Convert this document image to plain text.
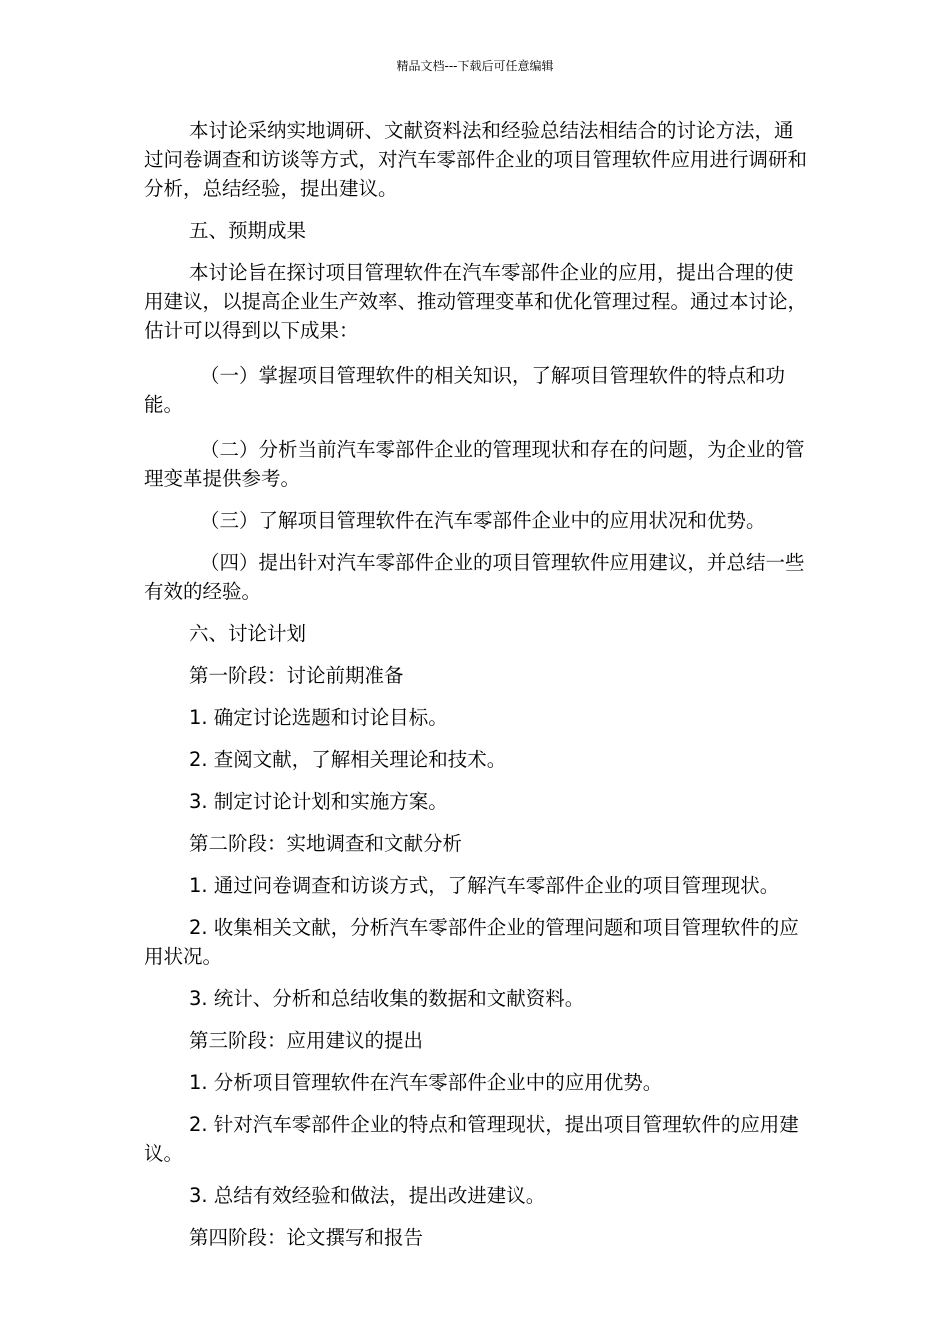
精品文档---下载后可任意编辑

本讨论采纳实地调研、文献资料法和经验总结法相结合的讨论方法，通过问卷调查和访谈等方式，对汽车零部件企业的项目管理软件应用进行调研和分析，总结经验，提出建议。

五、预期成果

本讨论旨在探讨项目管理软件在汽车零部件企业的应用，提出合理的使用建议，以提高企业生产效率、推动管理变革和优化管理过程。通过本讨论，估计可以得到以下成果：

（一）掌握项目管理软件的相关知识，了解项目管理软件的特点和功能。

（二）分析当前汽车零部件企业的管理现状和存在的问题，为企业的管理变革提供参考。

（三）了解项目管理软件在汽车零部件企业中的应用状况和优势。

（四）提出针对汽车零部件企业的项目管理软件应用建议，并总结一些有效的经验。

六、讨论计划

第一阶段：讨论前期准备

1. 确定讨论选题和讨论目标。

2. 查阅文献，了解相关理论和技术。

3. 制定讨论计划和实施方案。

第二阶段：实地调查和文献分析

1. 通过问卷调查和访谈方式，了解汽车零部件企业的项目管理现状。

2. 收集相关文献，分析汽车零部件企业的管理问题和项目管理软件的应用状况。

3. 统计、分析和总结收集的数据和文献资料。

第三阶段：应用建议的提出

1. 分析项目管理软件在汽车零部件企业中的应用优势。

2. 针对汽车零部件企业的特点和管理现状，提出项目管理软件的应用建议。

3. 总结有效经验和做法，提出改进建议。

第四阶段：论文撰写和报告
